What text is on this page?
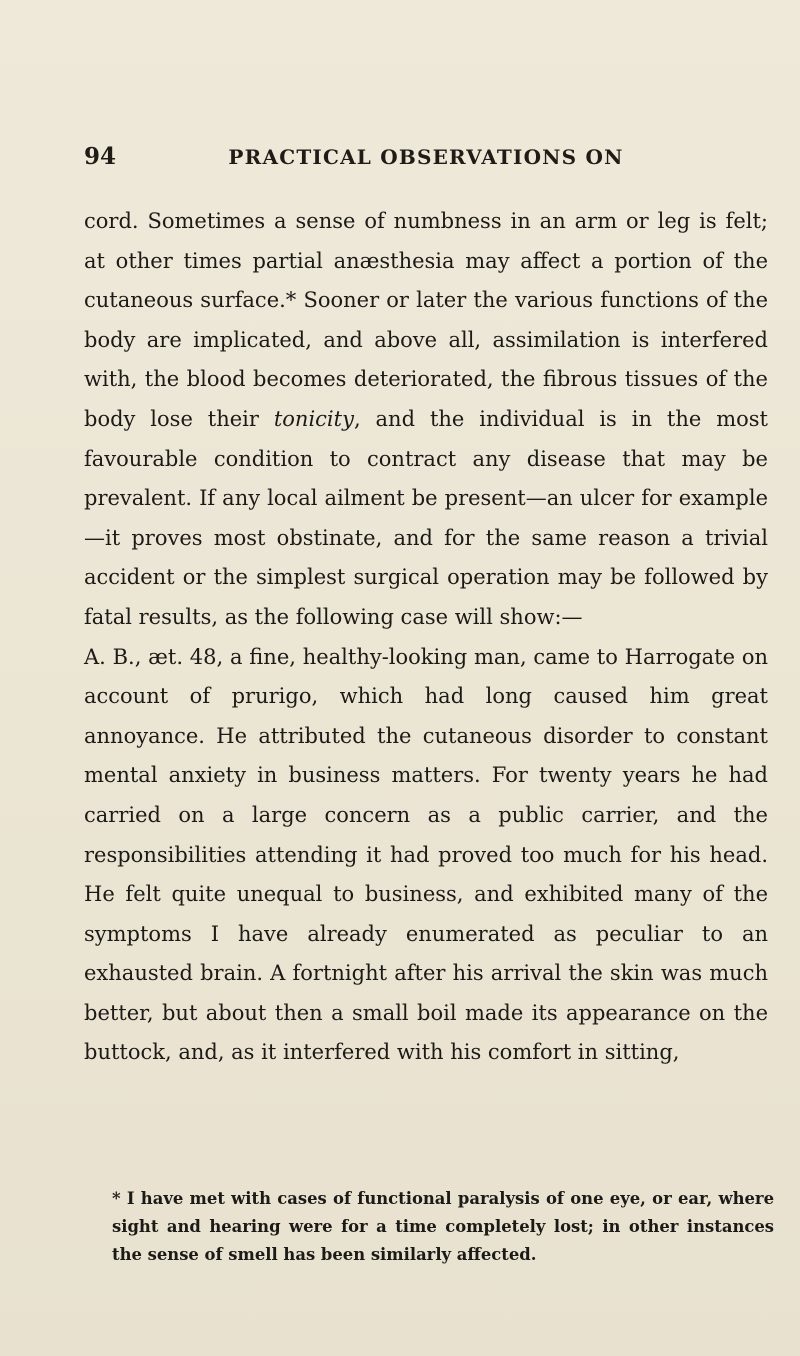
94	PRACTICAL OBSERVATIONS ON

cord. Sometimes a sense of numbness in an arm or leg is felt; at other times partial anæsthesia may affect a portion of the cutaneous surface.* Sooner or later the various functions of the body are implicated, and above all, assimilation is interfered with, the blood becomes deteriorated, the fibrous tissues of the body lose their tonicity, and the individual is in the most favourable condition to contract any disease that may be prevalent. If any local ailment be present—an ulcer for example—it proves most obstinate, and for the same reason a trivial accident or the simplest surgical operation may be followed by fatal results, as the following case will show:—

A. B., æt. 48, a fine, healthy-looking man, came to Harrogate on account of prurigo, which had long caused him great annoyance. He attributed the cutaneous disorder to constant mental anxiety in business matters. For twenty years he had carried on a large concern as a public carrier, and the responsibilities attending it had proved too much for his head. He felt quite unequal to business, and exhibited many of the symptoms I have already enumerated as peculiar to an exhausted brain. A fortnight after his arrival the skin was much better, but about then a small boil made its appearance on the buttock, and, as it interfered with his comfort in sitting,

* I have met with cases of functional paralysis of one eye, or ear, where sight and hearing were for a time completely lost; in other instances the sense of smell has been similarly affected.
